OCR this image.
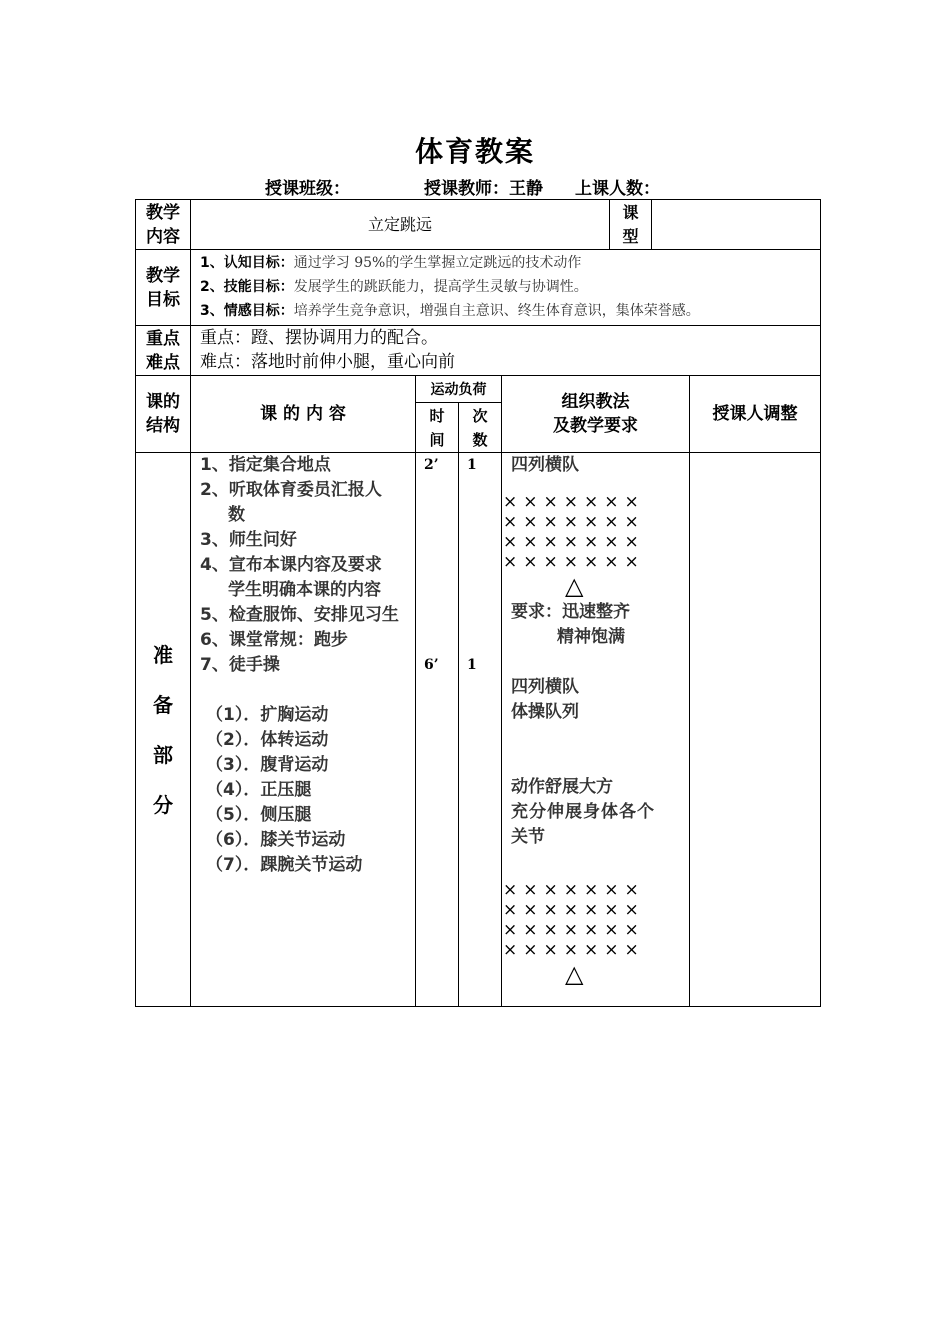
体育教案
授课班级：	授课教师：王静 上课人数：
教学内容
立定跳远
课型
教学目标
1、认知目标：通过学习 95%的学生掌握立定跳远的技术动作
2、技能目标：发展学生的跳跃能力，提高学生灵敏与协调性。
3、情感目标：培养学生竞争意识，增强自主意识、终生体育意识，集体荣誉感。
重点难点
重点：蹬、摆协调用力的配合。
难点：落地时前伸小腿，重心向前
课的结构
课 的 内 容
运动负荷
时间
次数
组织教法
及教学要求
授课人调整
准
备
部
分
1、指定集合地点
2、听取体育委员汇报人
数
3、师生问好
4、宣布本课内容及要求
学生明确本课的内容
5、检查服饰、安排见习生
6、课堂常规：跑步
7、徒手操
（1）．扩胸运动
（2）．体转运动
（3）．腹背运动
（4）．正压腿
（5）．侧压腿
（6）．膝关节运动
（7）．踝腕关节运动
2’ 1
6’ 1
四列横队
×××××××
×××××××
×××××××
×××××××
△
要求：迅速整齐
精神饱满
四列横队
体操队列
动作舒展大方
充分伸展身体各个
关节
×××××××
×××××××
×××××××
×××××××
△
